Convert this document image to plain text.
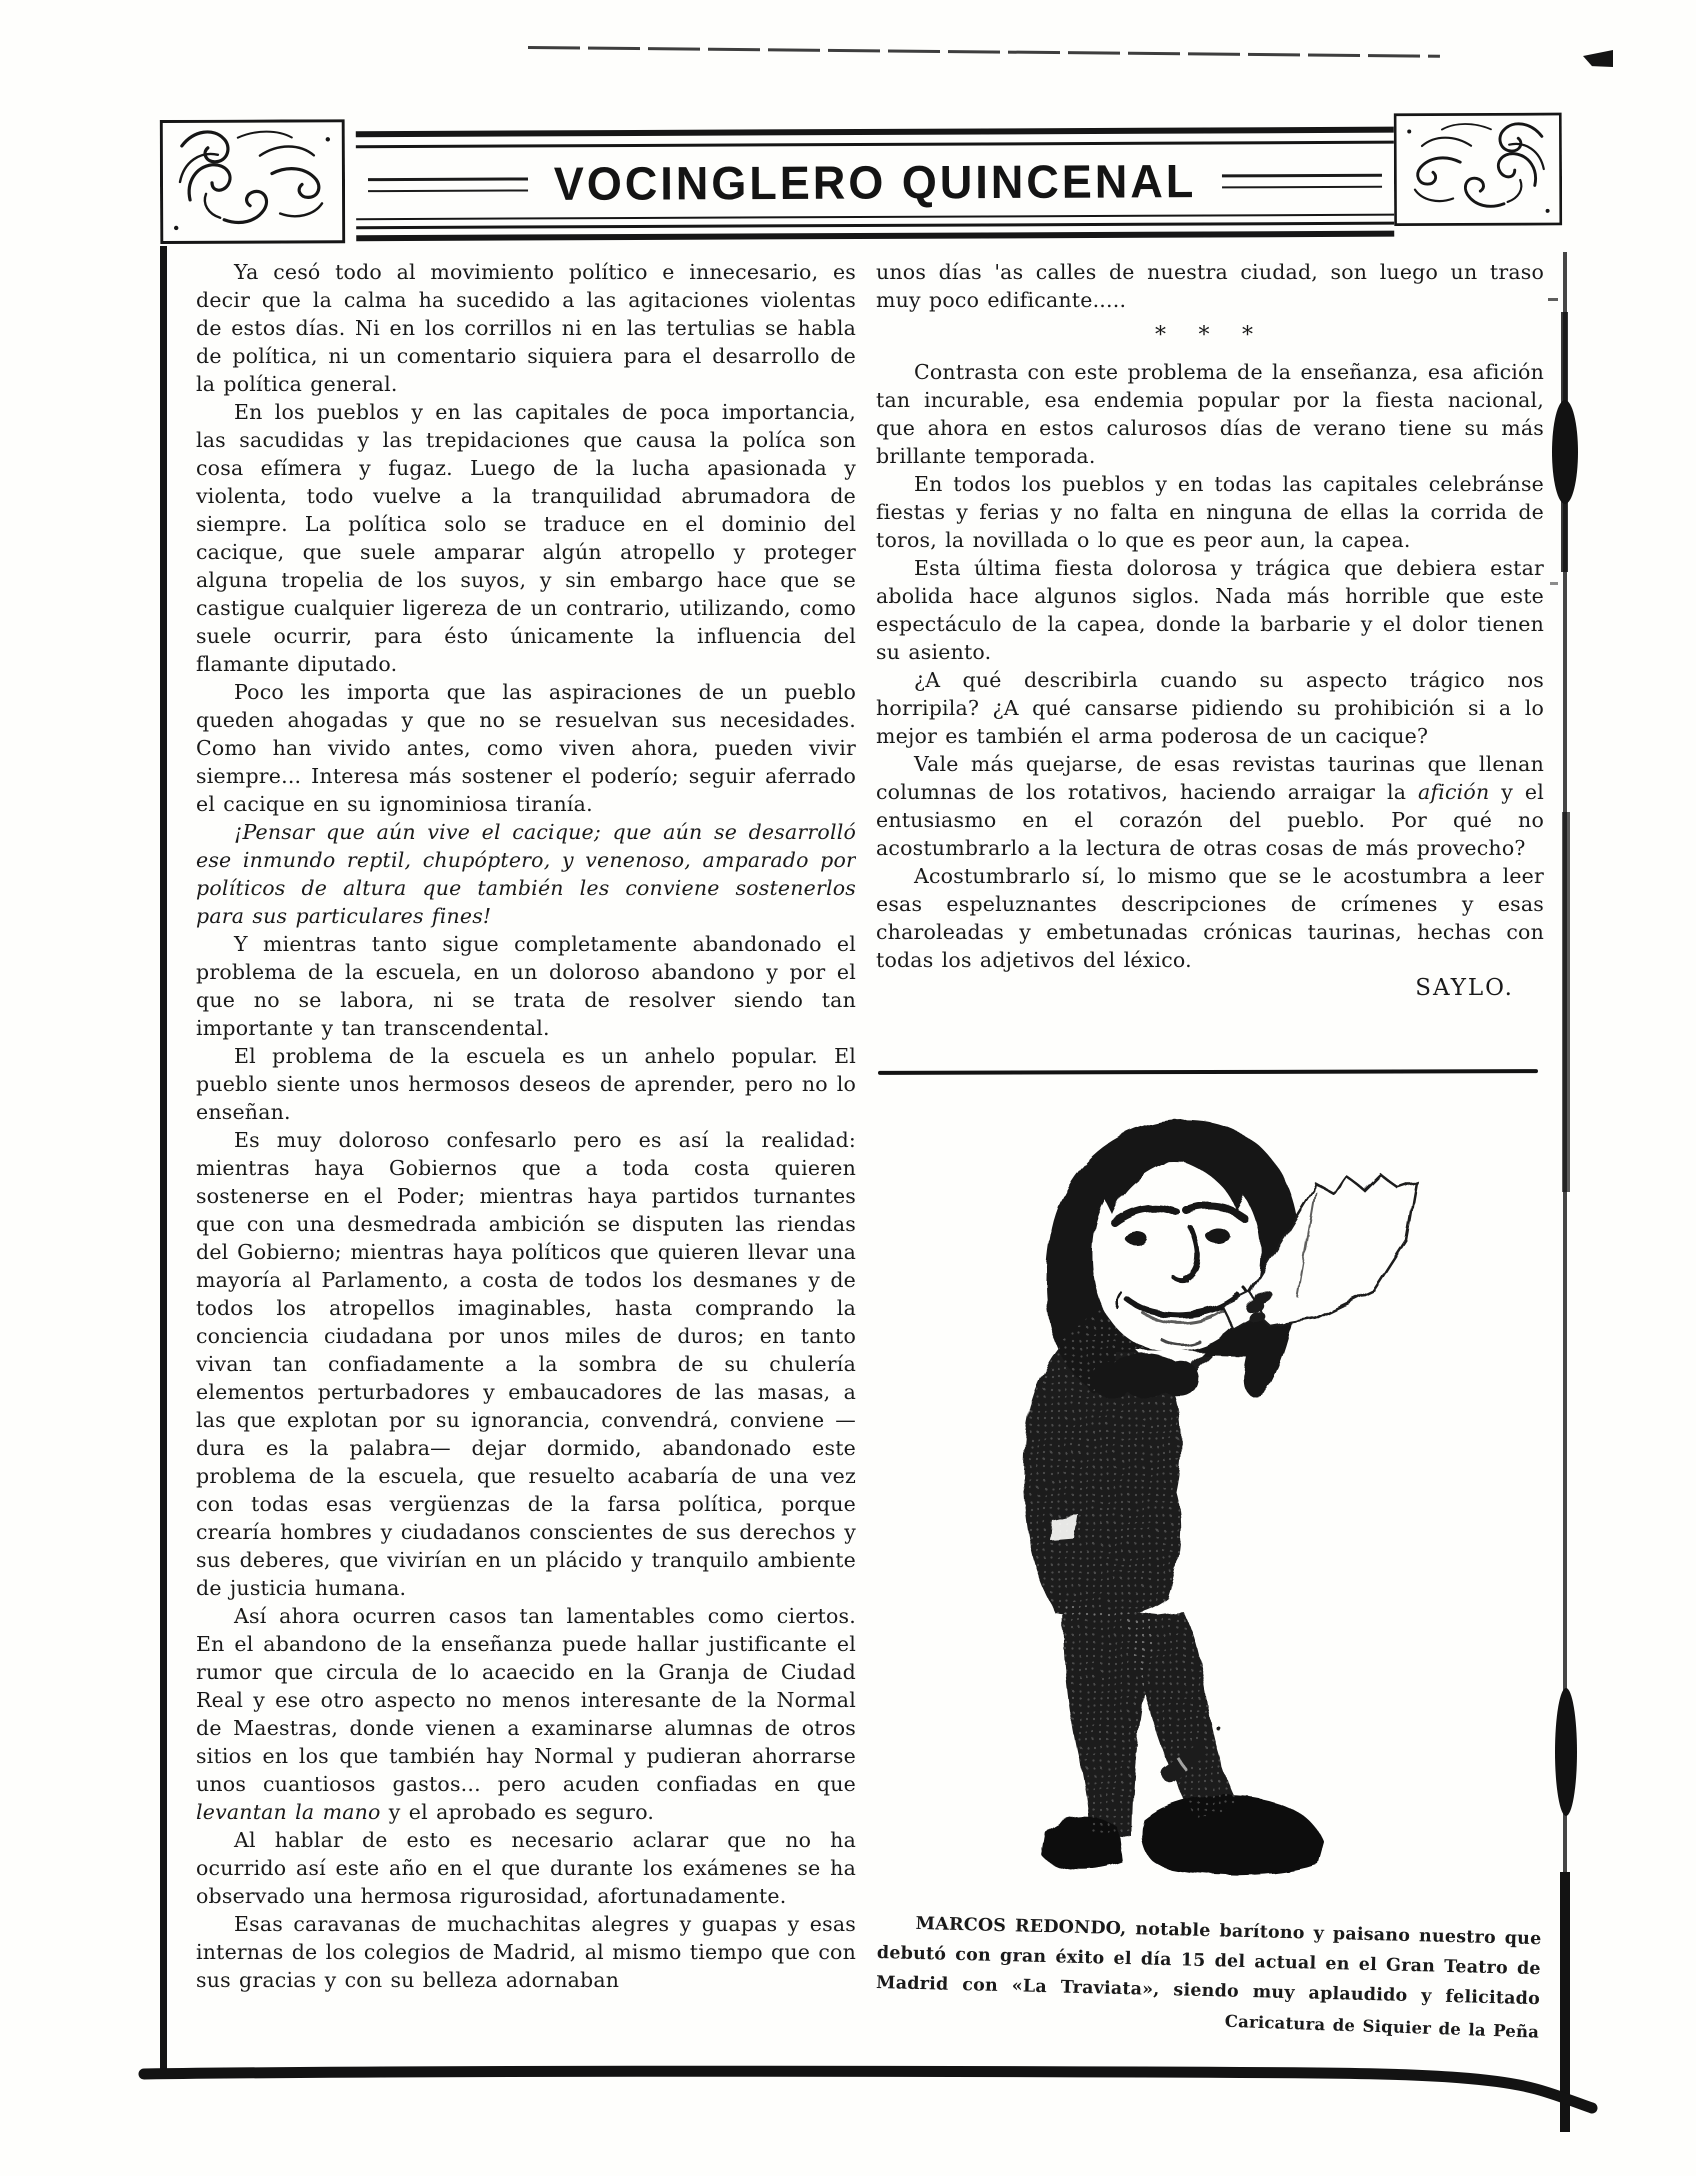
VOCINGLERO QUINCENAL

Ya cesó todo al movimiento político e innecesario, es decir que la calma ha sucedido a las agitaciones violentas de estos días. Ni en los corrillos ni en las tertulias se habla de política, ni un comentario siquiera para el desarrollo de la política general.

En los pueblos y en las capitales de poca importancia, las sacudidas y las trepidaciones que causa la políca son cosa efímera y fugaz. Luego de la lucha apasionada y violenta, todo vuelve a la tranquilidad abrumadora de siempre. La política solo se traduce en el dominio del cacique, que suele amparar algún atropello y proteger alguna tropelia de los suyos, y sin embargo hace que se castigue cualquier ligereza de un contrario, utilizando, como suele ocurrir, para ésto únicamente la influencia del flamante diputado.

Poco les importa que las aspiraciones de un pueblo queden ahogadas y que no se resuelvan sus necesidades. Como han vivido antes, como viven ahora, pueden vivir siempre... Interesa más sostener el poderío; seguir aferrado el cacique en su ignominiosa tiranía.

¡Pensar que aún vive el cacique; que aún se desarrolló ese inmundo reptil, chupóptero, y venenoso, amparado por políticos de altura que también les conviene sostenerlos para sus particulares fines!

Y mientras tanto sigue completamente abandonado el problema de la escuela, en un doloroso abandono y por el que no se labora, ni se trata de resolver siendo tan importante y tan transcendental.

El problema de la escuela es un anhelo popular. El pueblo siente unos hermosos deseos de aprender, pero no lo enseñan.

Es muy doloroso confesarlo pero es así la realidad: mientras haya Gobiernos que a toda costa quieren sostenerse en el Poder; mientras haya partidos turnantes que con una desmedrada ambición se disputen las riendas del Gobierno; mientras haya políticos que quieren llevar una mayoría al Parlamento, a costa de todos los desmanes y de todos los atropellos imaginables, hasta comprando la conciencia ciudadana por unos miles de duros; en tanto vivan tan confiadamente a la sombra de su chulería elementos perturbadores y embaucadores de las masas, a las que explotan por su ignorancia, convendrá, conviene —dura es la palabra— dejar dormido, abandonado este problema de la escuela, que resuelto acabaría de una vez con todas esas vergüenzas de la farsa política, porque crearía hombres y ciudadanos conscientes de sus derechos y sus deberes, que vivirían en un plácido y tranquilo ambiente de justicia humana.

Así ahora ocurren casos tan lamentables como ciertos. En el abandono de la enseñanza puede hallar justificante el rumor que circula de lo acaecido en la Granja de Ciudad Real y ese otro aspecto no menos interesante de la Normal de Maestras, donde vienen a examinarse alumnas de otros sitios en los que también hay Normal y pudieran ahorrarse unos cuantiosos gastos... pero acuden confiadas en que levantan la mano y el aprobado es seguro.

Al hablar de esto es necesario aclarar que no ha ocurrido así este año en el que durante los exámenes se ha observado una hermosa rigurosidad, afortunadamente.

Esas caravanas de muchachitas alegres y guapas y esas internas de los colegios de Madrid, al mismo tiempo que con sus gracias y con su belleza adornaban

unos días 'as calles de nuestra ciudad, son luego un traso muy poco edificante.....

* * *

Contrasta con este problema de la enseñanza, esa afición tan incurable, esa endemia popular por la fiesta nacional, que ahora en estos calurosos días de verano tiene su más brillante temporada.

En todos los pueblos y en todas las capitales celebránse fiestas y ferias y no falta en ninguna de ellas la corrida de toros, la novillada o lo que es peor aun, la capea.

Esta última fiesta dolorosa y trágica que debiera estar abolida hace algunos siglos. Nada más horrible que este espectáculo de la capea, donde la barbarie y el dolor tienen su asiento.

¿A qué describirla cuando su aspecto trágico nos horripila? ¿A qué cansarse pidiendo su prohibición si a lo mejor es también el arma poderosa de un cacique?

Vale más quejarse, de esas revistas taurinas que llenan columnas de los rotativos, haciendo arraigar la afición y el entusiasmo en el corazón del pueblo. Por qué no acostumbrarlo a la lectura de otras cosas de más provecho?

Acostumbrarlo sí, lo mismo que se le acostumbra a leer esas espeluznantes descripciones de crímenes y esas charoleadas y embetunadas crónicas taurinas, hechas con todas los adjetivos del léxico.

SAYLO.

MARCOS REDONDO, notable barítono y paisano nuestro que debutó con gran éxito el día 15 del actual en el Gran Teatro de Madrid con «La Traviata», siendo muy aplaudido y felicitado

Caricatura de Siquier de la Peña
